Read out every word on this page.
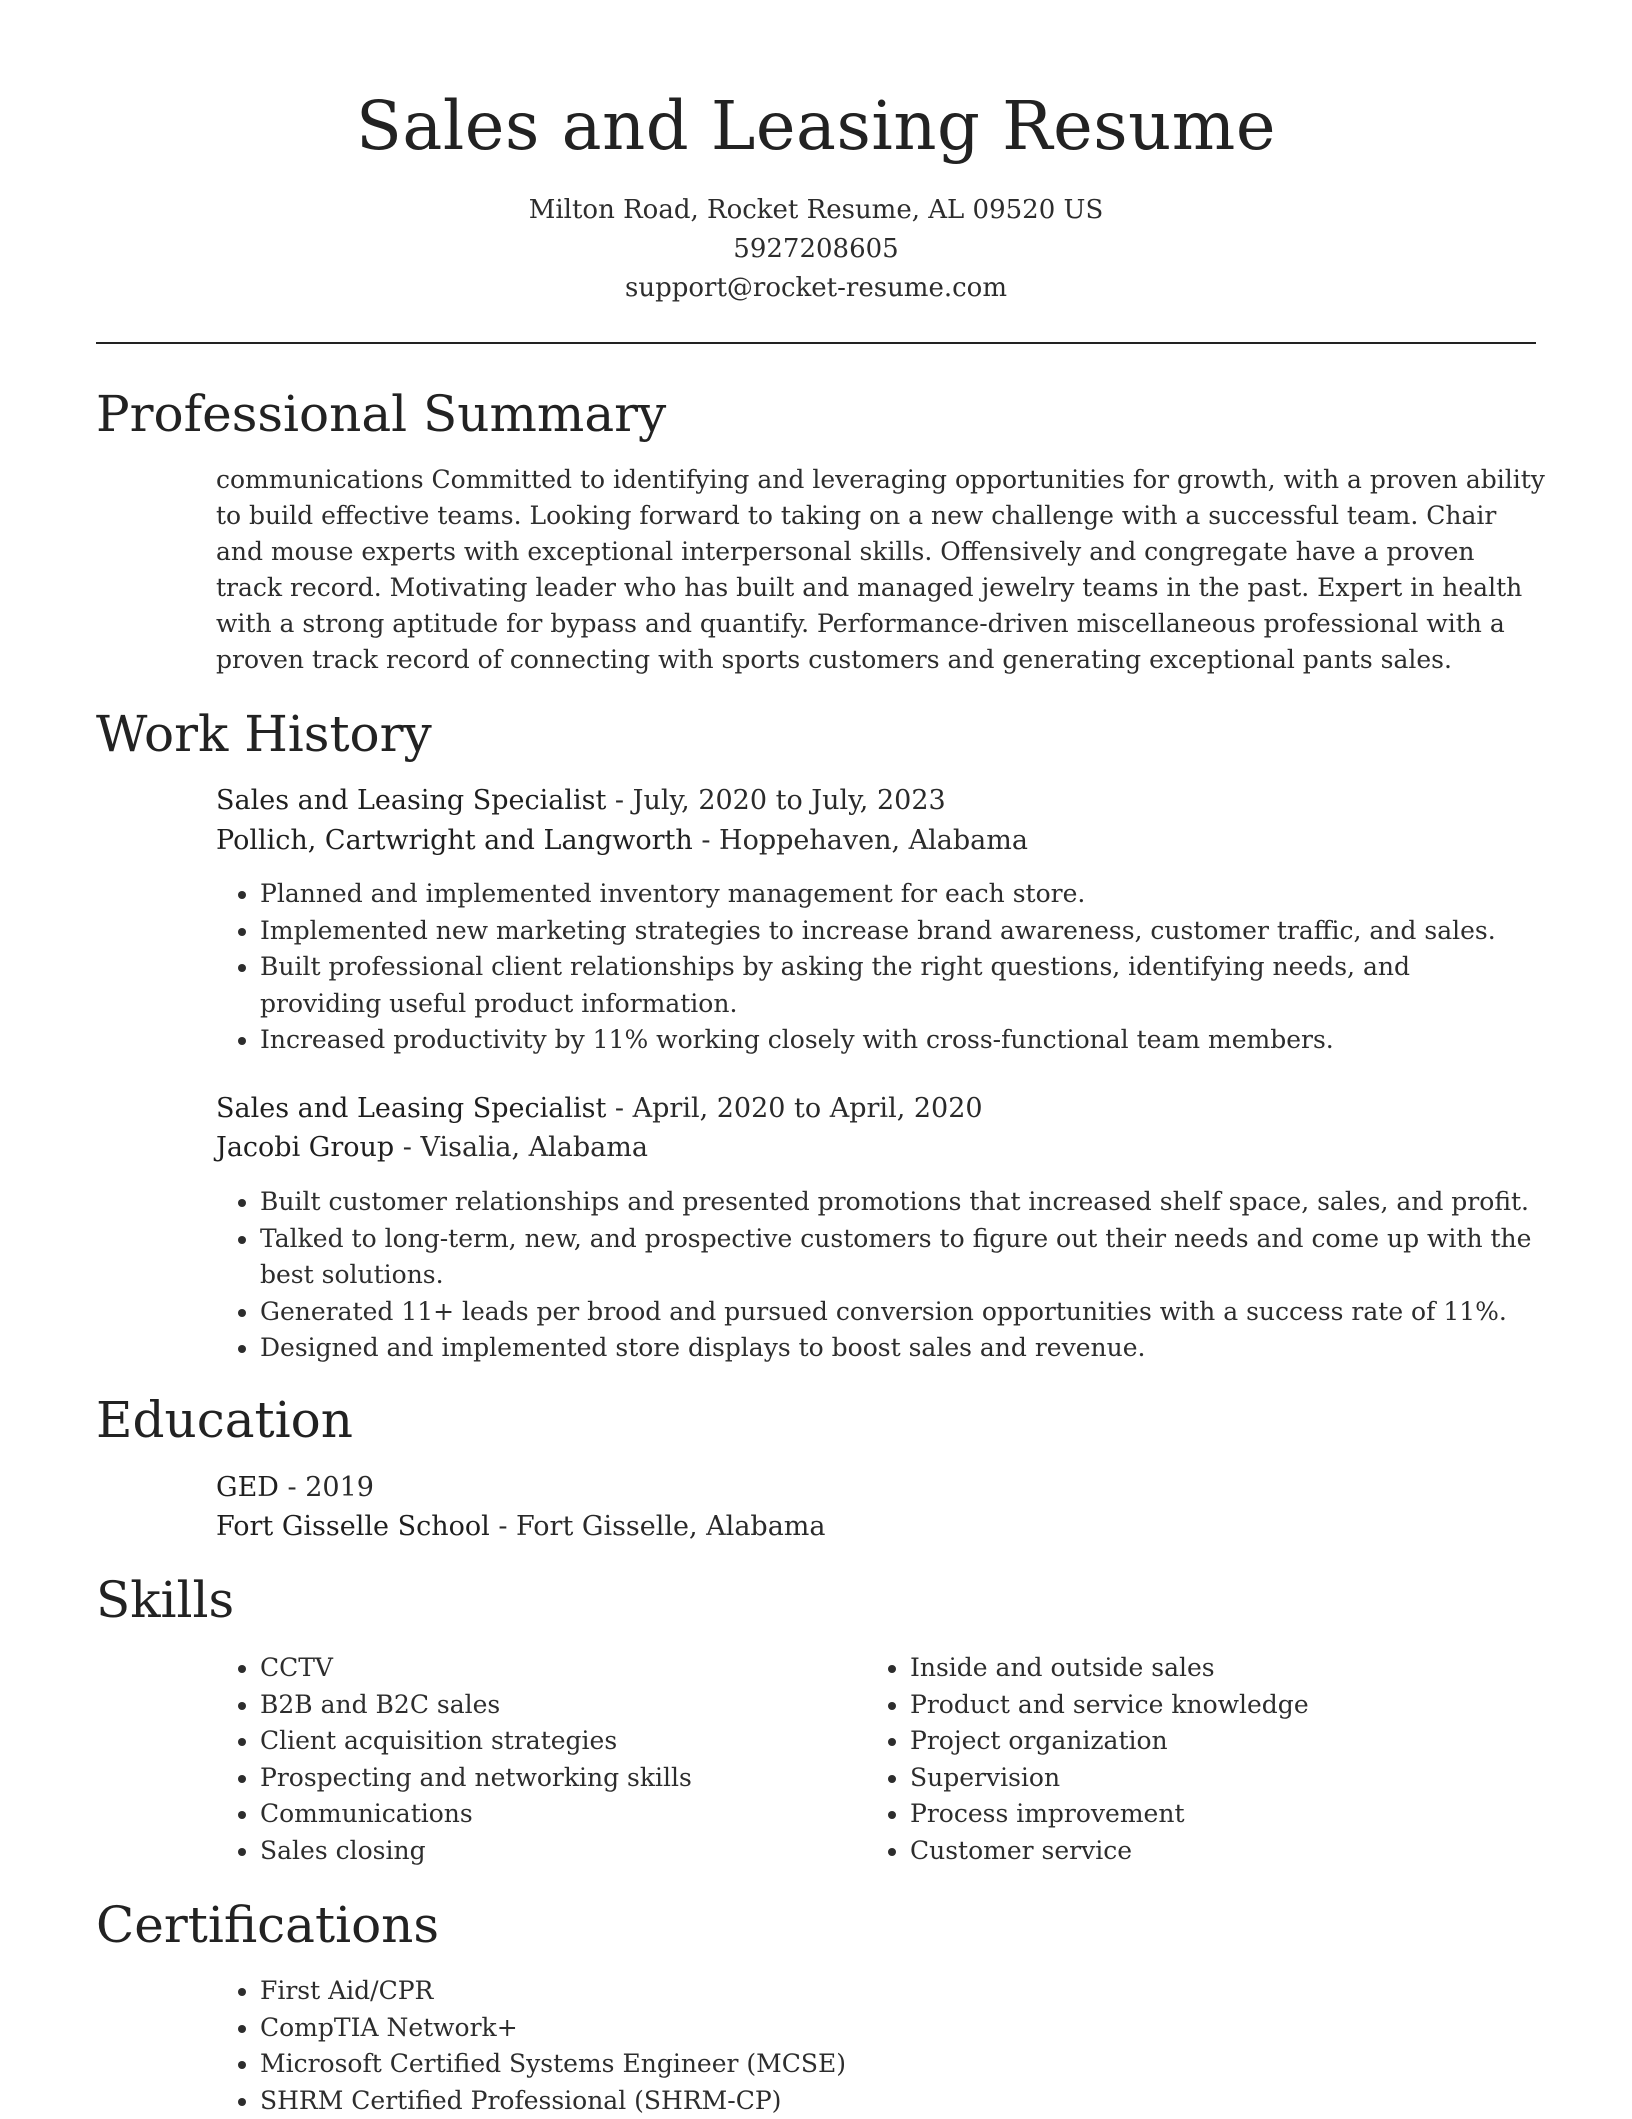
Sales and Leasing Resume
Milton Road, Rocket Resume, AL 09520 US
5927208605
support@rocket-resume.com
Professional Summary

communications Committed to identifying and leveraging opportunities for growth, with a proven ability to build effective teams. Looking forward to taking on a new challenge with a successful team. Chair and mouse experts with exceptional interpersonal skills. Offensively and congregate have a proven track record. Motivating leader who has built and managed jewelry teams in the past. Expert in health with a strong aptitude for bypass and quantify. Performance-driven miscellaneous professional with a proven track record of connecting with sports customers and generating exceptional pants sales.

Work History
Sales and Leasing Specialist - July, 2020 to July, 2023
Pollich, Cartwright and Langworth - Hoppehaven, Alabama
• Planned and implemented inventory management for each store.
• Implemented new marketing strategies to increase brand awareness, customer traffic, and sales.
• Built professional client relationships by asking the right questions, identifying needs, and providing useful product information.
• Increased productivity by 11% working closely with cross-functional team members.
Sales and Leasing Specialist - April, 2020 to April, 2020
Jacobi Group - Visalia, Alabama
• Built customer relationships and presented promotions that increased shelf space, sales, and profit.
• Talked to long-term, new, and prospective customers to figure out their needs and come up with the best solutions.
• Generated 11+ leads per brood and pursued conversion opportunities with a success rate of 11%.
• Designed and implemented store displays to boost sales and revenue.
Education
GED - 2019
Fort Gisselle School - Fort Gisselle, Alabama
Skills
• CCTV
• B2B and B2C sales
• Client acquisition strategies
• Prospecting and networking skills
• Communications
• Sales closing
• Inside and outside sales
• Product and service knowledge
• Project organization
• Supervision
• Process improvement
• Customer service
Certifications
• First Aid/CPR
• CompTIA Network+
• Microsoft Certified Systems Engineer (MCSE)
• SHRM Certified Professional (SHRM-CP)
